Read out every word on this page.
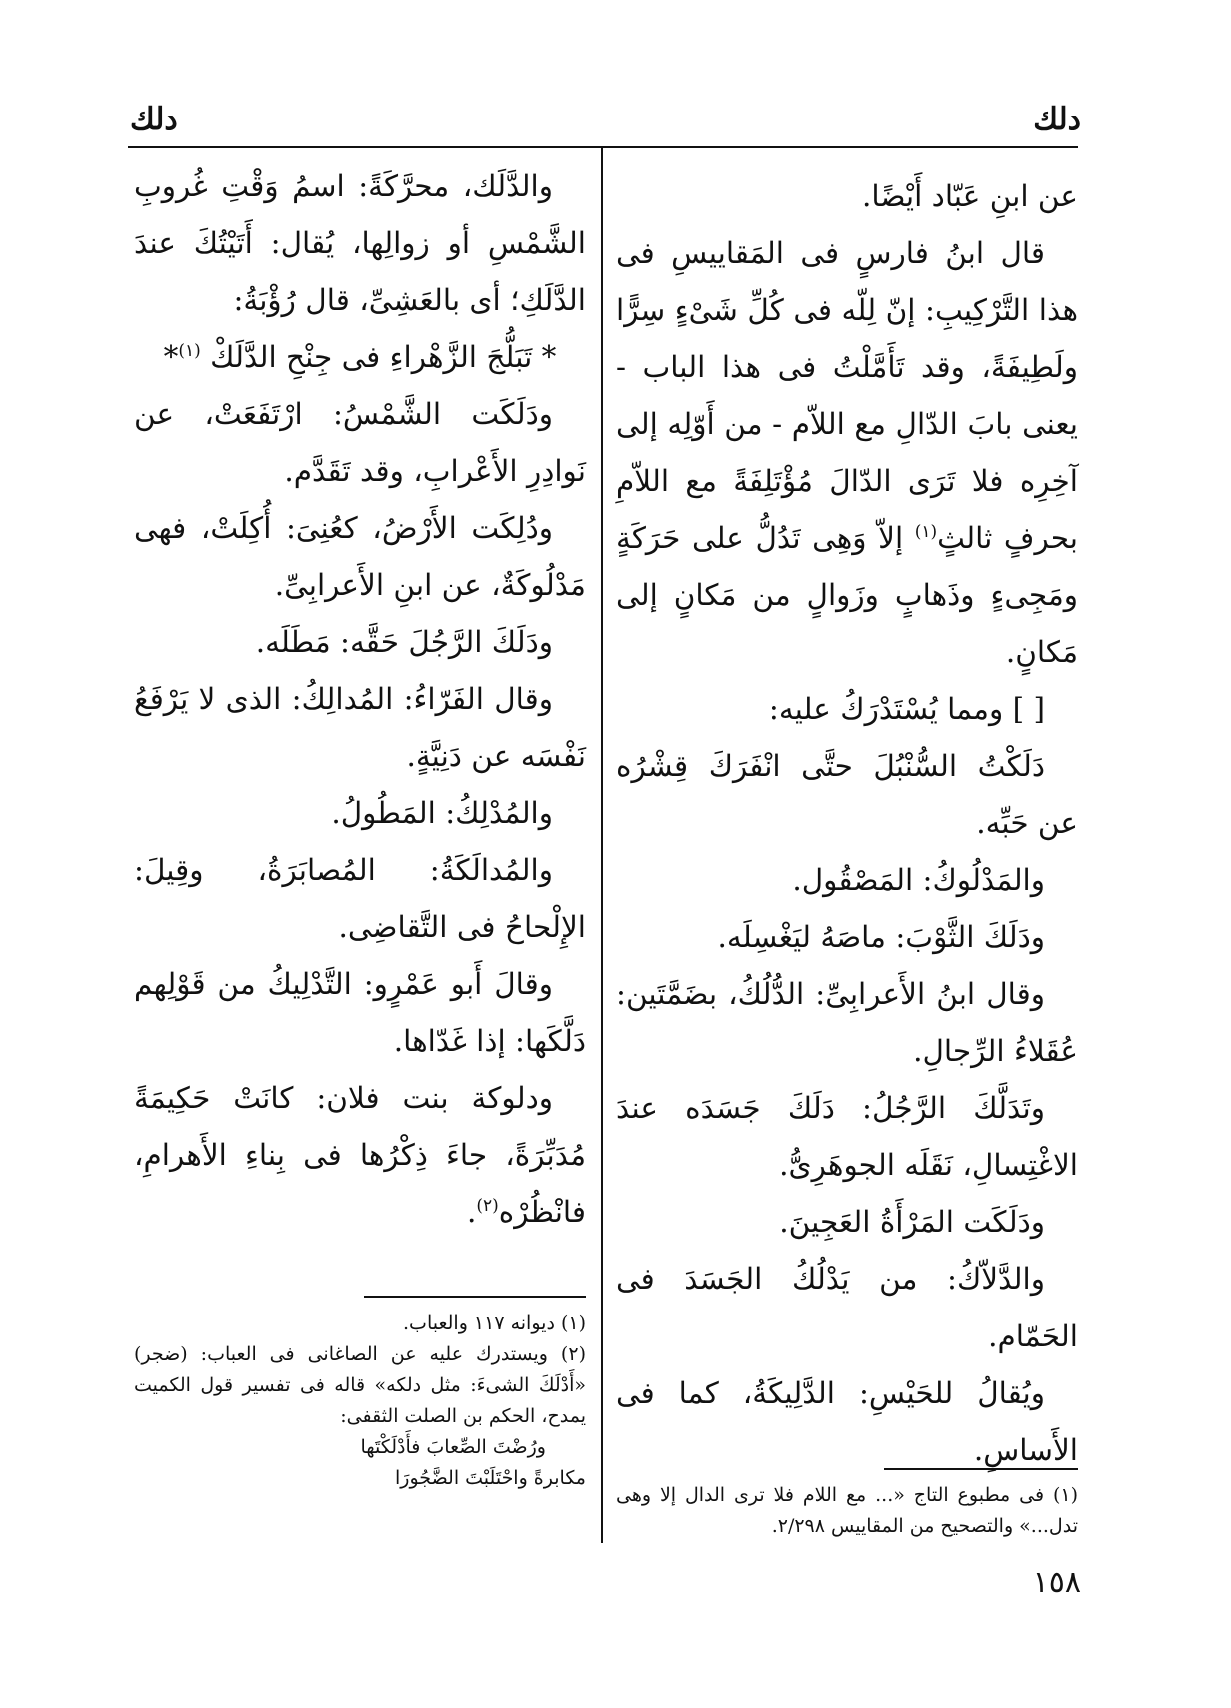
دلك
دلك

عن ابنِ عَبّاد أَيْضًا.

قال ابنُ فارسٍ فى المَقاييسِ فى هذا التَّرْكِيبِ: إنّ لِلّه فى كُلِّ شَىْءٍ سِرًّا ولَطِيفَةً، وقد تَأَمَّلْتُ فى هذا الباب - يعنى بابَ الدّالِ مع اللاّم - من أَوّلِه إلى آخِرِه فلا تَرَى الدّالَ مُؤْتَلِفَةً مع اللاّمِ بحرفٍ ثالثٍ$^{(١)}$ إلاّ وَهِى تَدُلُّ على حَرَكَةٍ ومَجِىءٍ وذَهابٍ وزَوالٍ من مَكانٍ إلى مَكانٍ.

[ ] ومما يُسْتَدْرَكُ عليه:

دَلَكْتُ السُّنْبُلَ حتَّى انْفَرَكَ قِشْرُه عن حَبِّه.

والمَدْلُوكُ: المَصْقُول.

ودَلَكَ الثَّوْبَ: ماصَهُ ليَغْسِلَه.

وقال ابنُ الأَعرابِىِّ: الدُّلُكُ، بضَمَّتَين: عُقَلاءُ الرِّجالِ.

وتَدَلَّكَ الرَّجُلُ: دَلَكَ جَسَدَه عندَ الاغْتِسالِ، نَقَلَه الجوهَرِىُّ.

ودَلَكَت المَرْأَةُ العَجِينَ.

والدَّلاّكُ: من يَدْلُكُ الجَسَدَ فى الحَمّام.

ويُقالُ للحَيْسِ: الدَّلِيكَةُ، كما فى الأَساسِ.

والدَّلَك، محرَّكَةً: اسمُ وَقْتِ غُروبِ الشَّمْسِ أو زوالِها، يُقال: أَتَيْتُكَ عندَ الدَّلَكِ؛ أى بالعَشِىِّ، قال رُؤْبَةُ:

* تَبَلُّجَ الزَّهْراءِ فى جِنْحِ الدَّلَكْ $^{(١)}$*

ودَلَكَت الشَّمْسُ: ارْتَفَعَتْ، عن نَوادِرِ الأَعْرابِ، وقد تَقَدَّم.

ودُلِكَت الأَرْضُ، كعُنِىَ: أُكِلَتْ، فهى مَدْلُوكَةٌ، عن ابنِ الأَعرابِىِّ.

ودَلَكَ الرَّجُلَ حَقَّه: مَطَلَه.

وقال الفَرّاءُ: المُدالِكُ: الذى لا يَرْفَعُ نَفْسَه عن دَنِيَّةٍ.

والمُدْلِكُ: المَطُولُ.

والمُدالَكَةُ: المُصابَرَةُ، وقِيلَ: الإِلْحاحُ فى التَّقاضِى.

وقالَ أَبو عَمْرٍو: التَّدْلِيكُ من قَوْلِهم دَلَّكَها: إذا غَدّاها.

ودلوكة بنت فلان: كانَتْ حَكِيمَةً مُدَبِّرَةً، جاءَ ذِكْرُها فى بِناءِ الأَهرامِ، فانْظُرْه$^{(٢)}$.

(١) فى مطبوع التاج «... مع اللام فلا ترى الدال إلا وهى تدل...» والتصحيح من المقاييس ٢/٢٩٨.

(١) ديوانه ١١٧ والعباب.

(٢) ويستدرك عليه عن الصاغانى فى العباب: (ضجر) «أَدْلَكَ الشىءَ: مثل دلكه» قاله فى تفسير قول الكميت يمدح، الحكم بن الصلت الثقفى:

ورُضْتَ الصِّعابَ فأَدْلَكْتَها

مكابرةً واحْتَلَبْتَ الضَّجُورَا

١٥٨
